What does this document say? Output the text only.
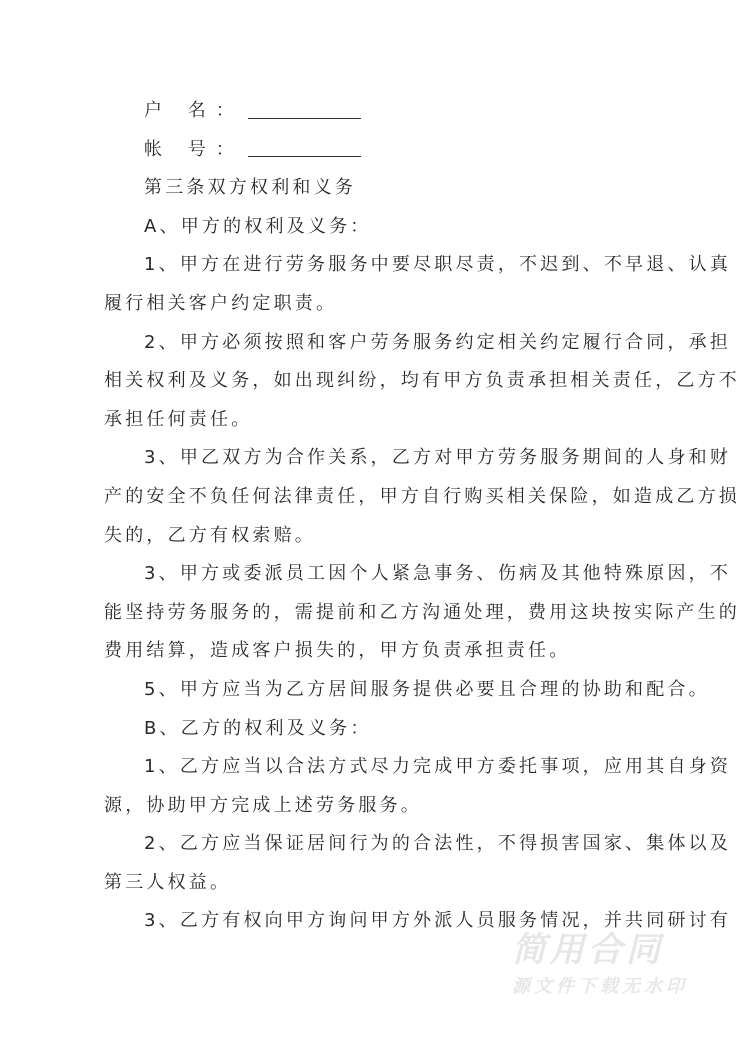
户 名：
帐 号：
第三条双方权利和义务
A、甲方的权利及义务：
1、甲方在进行劳务服务中要尽职尽责，不迟到、不早退、认真
履行相关客户约定职责。
2、甲方必须按照和客户劳务服务约定相关约定履行合同，承担
相关权利及义务，如出现纠纷，均有甲方负责承担相关责任，乙方不
承担任何责任。
3、甲乙双方为合作关系，乙方对甲方劳务服务期间的人身和财
产的安全不负任何法律责任，甲方自行购买相关保险，如造成乙方损
失的，乙方有权索赔。
3、甲方或委派员工因个人紧急事务、伤病及其他特殊原因，不
能坚持劳务服务的，需提前和乙方沟通处理，费用这块按实际产生的
费用结算，造成客户损失的，甲方负责承担责任。
5、甲方应当为乙方居间服务提供必要且合理的协助和配合。
B、乙方的权利及义务：
1、乙方应当以合法方式尽力完成甲方委托事项，应用其自身资
源，协助甲方完成上述劳务服务。
2、乙方应当保证居间行为的合法性，不得损害国家、集体以及
第三人权益。
3、乙方有权向甲方询问甲方外派人员服务情况，并共同研讨有
简用合同
源文件下载无水印
